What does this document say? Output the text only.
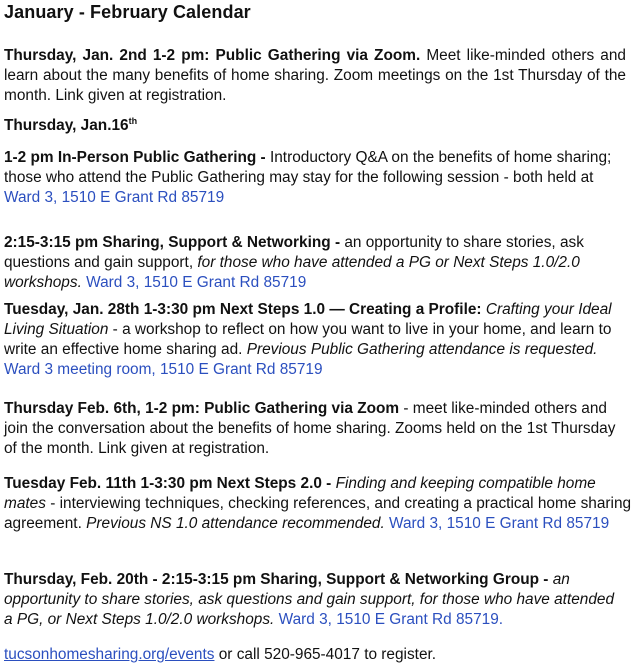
January - February Calendar

Thursday, Jan. 2nd 1-2 pm: Public Gathering via Zoom. Meet like-minded others and learn about the many benefits of home sharing. Zoom meetings on the 1st Thursday of the month. Link given at registration.

Thursday, Jan.16th

1-2 pm In-Person Public Gathering - Introductory Q&A on the benefits of home sharing; those who attend the Public Gathering may stay for the following session - both held at Ward 3, 1510 E Grant Rd 85719

2:15-3:15 pm Sharing, Support & Networking - an opportunity to share stories, ask questions and gain support, for those who have attended a PG or Next Steps 1.0/2.0 workshops. Ward 3, 1510 E Grant Rd 85719

Tuesday, Jan. 28th 1-3:30 pm Next Steps 1.0 — Creating a Profile: Crafting your Ideal Living Situation - a workshop to reflect on how you want to live in your home, and learn to write an effective home sharing ad. Previous Public Gathering attendance is requested. Ward 3 meeting room, 1510 E Grant Rd 85719

Thursday Feb. 6th, 1-2 pm: Public Gathering via Zoom - meet like-minded others and join the conversation about the benefits of home sharing. Zooms held on the 1st Thursday of the month. Link given at registration.

Tuesday Feb. 11th 1-3:30 pm Next Steps 2.0 - Finding and keeping compatible home mates - interviewing techniques, checking references, and creating a practical home sharing agreement. Previous NS 1.0 attendance recommended. Ward 3, 1510 E Grant Rd 85719

Thursday, Feb. 20th - 2:15-3:15 pm Sharing, Support & Networking Group - an opportunity to share stories, ask questions and gain support, for those who have attended a PG, or Next Steps 1.0/2.0 workshops. Ward 3, 1510 E Grant Rd 85719.

tucsonhomesharing.org/events or call 520-965-4017 to register.
